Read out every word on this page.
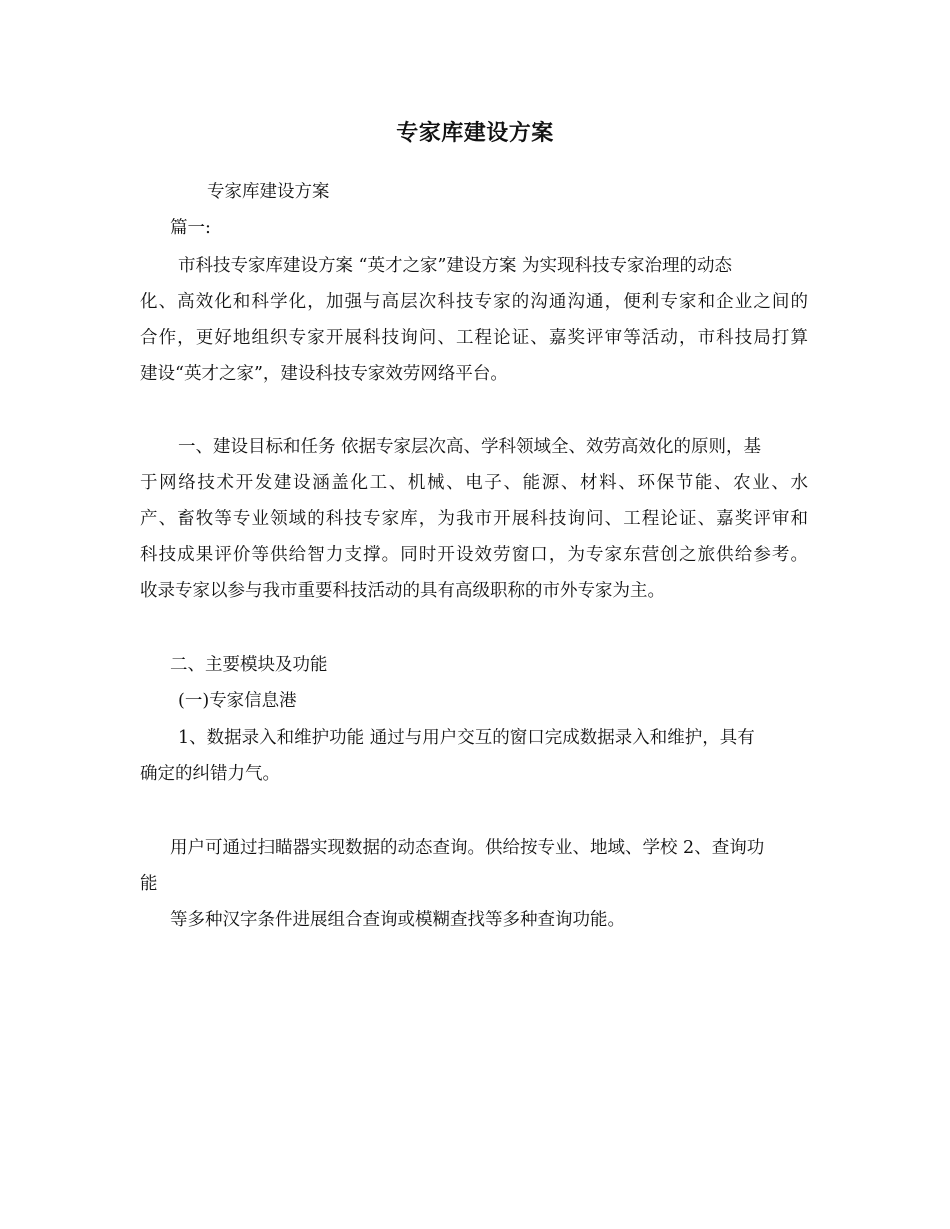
专家库建设方案
专家库建设方案
篇一:
市科技专家库建设方案 “英才之家”建设方案 为实现科技专家治理的动态
化、高效化和科学化，加强与高层次科技专家的沟通沟通，便利专家和企业之间的
合作，更好地组织专家开展科技询问、工程论证、嘉奖评审等活动，市科技局打算
建设“英才之家”，建设科技专家效劳网络平台。
一、建设目标和任务 依据专家层次高、学科领域全、效劳高效化的原则，基
于网络技术开发建设涵盖化工、机械、电子、能源、材料、环保节能、农业、水
产、畜牧等专业领域的科技专家库，为我市开展科技询问、工程论证、嘉奖评审和
科技成果评价等供给智力支撑。同时开设效劳窗口，为专家东营创之旅供给参考。
收录专家以参与我市重要科技活动的具有高级职称的市外专家为主。
二、主要模块及功能
(一)专家信息港
1、数据录入和维护功能 通过与用户交互的窗口完成数据录入和维护，具有
确定的纠错力气。
用户可通过扫瞄器实现数据的动态查询。供给按专业、地域、学校 2、查询功
能
等多种汉字条件进展组合查询或模糊查找等多种查询功能。
